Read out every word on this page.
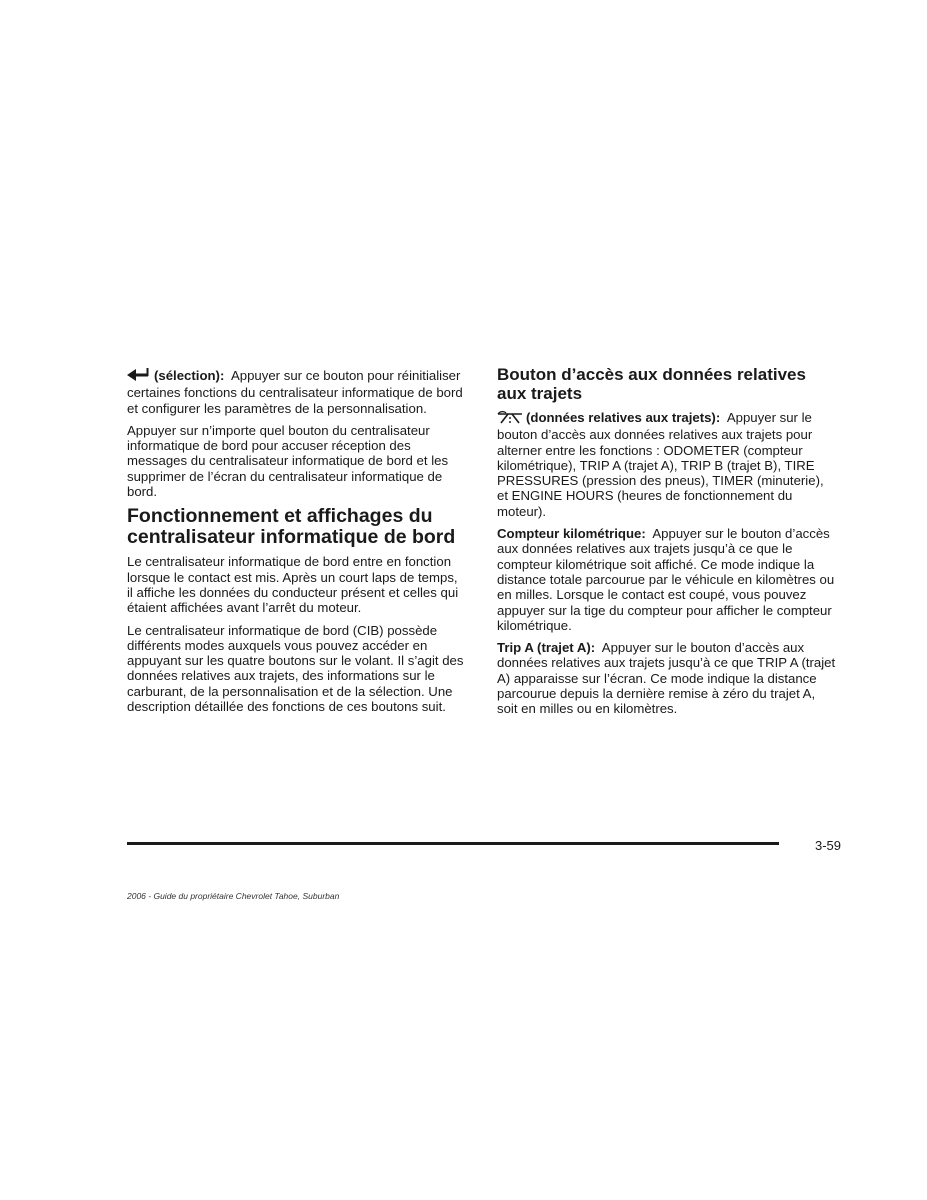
(sélection): Appuyer sur ce bouton pour réinitialiser certaines fonctions du centralisateur informatique de bord et configurer les paramètres de la personnalisation.

Appuyer sur n’importe quel bouton du centralisateur informatique de bord pour accuser réception des messages du centralisateur informatique de bord et les supprimer de l’écran du centralisateur informatique de bord.

Fonctionnement et affichages du centralisateur informatique de bord

Le centralisateur informatique de bord entre en fonction lorsque le contact est mis. Après un court laps de temps, il affiche les données du conducteur présent et celles qui étaient affichées avant l’arrêt du moteur.

Le centralisateur informatique de bord (CIB) possède différents modes auxquels vous pouvez accéder en appuyant sur les quatre boutons sur le volant. Il s’agit des données relatives aux trajets, des informations sur le carburant, de la personnalisation et de la sélection. Une description détaillée des fonctions de ces boutons suit.

Bouton d’accès aux données relatives aux trajets

(données relatives aux trajets): Appuyer sur le bouton d’accès aux données relatives aux trajets pour alterner entre les fonctions : ODOMETER (compteur kilométrique), TRIP A (trajet A), TRIP B (trajet B), TIRE PRESSURES (pression des pneus), TIMER (minuterie), et ENGINE HOURS (heures de fonctionnement du moteur).

Compteur kilométrique: Appuyer sur le bouton d’accès aux données relatives aux trajets jusqu’à ce que le compteur kilométrique soit affiché. Ce mode indique la distance totale parcourue par le véhicule en kilomètres ou en milles. Lorsque le contact est coupé, vous pouvez appuyer sur la tige du compteur pour afficher le compteur kilométrique.

Trip A (trajet A): Appuyer sur le bouton d’accès aux données relatives aux trajets jusqu’à ce que TRIP A (trajet A) apparaisse sur l’écran. Ce mode indique la distance parcourue depuis la dernière remise à zéro du trajet A, soit en milles ou en kilomètres.

3-59
2006 - Guide du propriétaire Chevrolet Tahoe, Suburban
